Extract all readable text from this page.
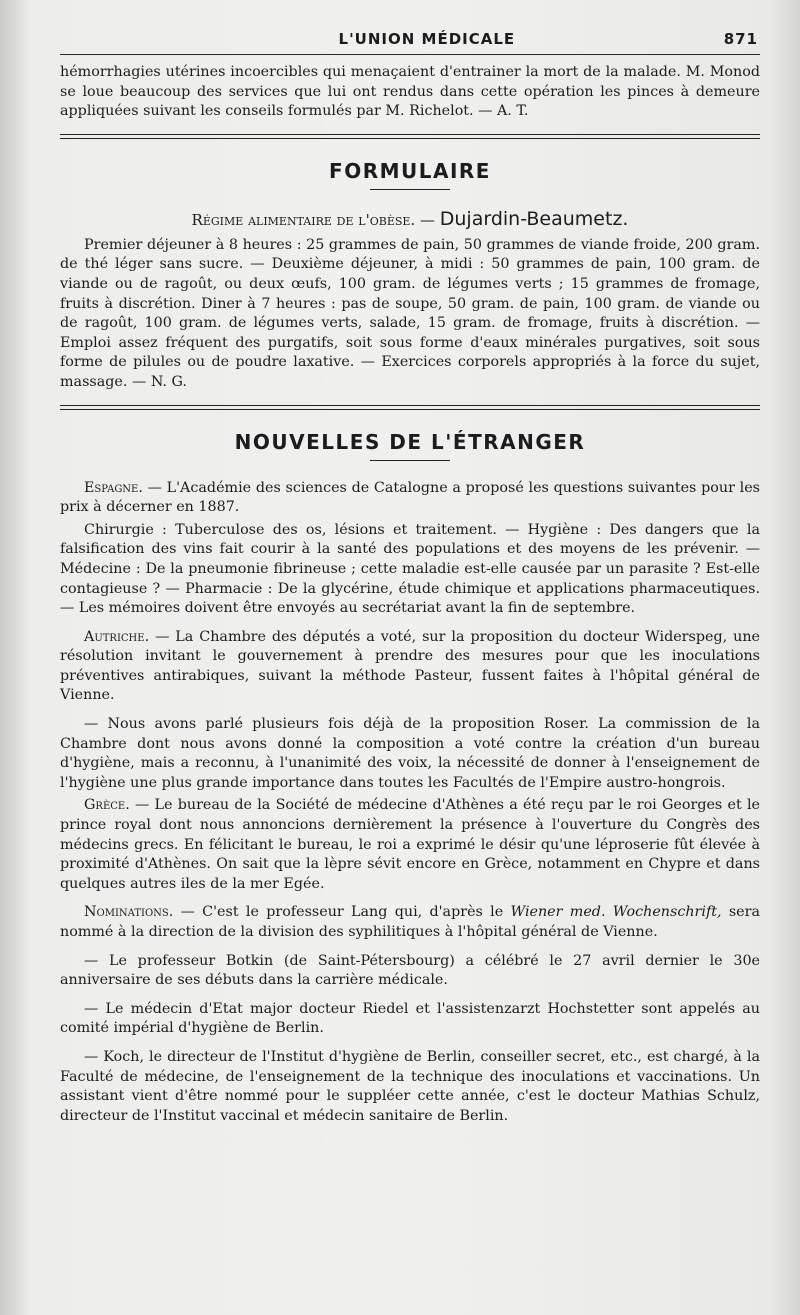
L'UNION MÉDICALE	871

hémorrhagies utérines incoercibles qui menaçaient d'entrainer la mort de la malade. M. Monod se loue beaucoup des services que lui ont rendus dans cette opération les pinces à demeure appliquées suivant les conseils formulés par M. Richelot. — A. T.

FORMULAIRE
Régime alimentaire de l'obèse. — Dujardin-Beaumetz.

Premier déjeuner à 8 heures : 25 grammes de pain, 50 grammes de viande froide, 200 gram. de thé léger sans sucre. — Deuxième déjeuner, à midi : 50 grammes de pain, 100 gram. de viande ou de ragoût, ou deux œufs, 100 gram. de légumes verts ; 15 grammes de fromage, fruits à discrétion. Diner à 7 heures : pas de soupe, 50 gram. de pain, 100 gram. de viande ou de ragoût, 100 gram. de légumes verts, salade, 15 gram. de fromage, fruits à discrétion. — Emploi assez fréquent des purgatifs, soit sous forme d'eaux minérales purgatives, soit sous forme de pilules ou de poudre laxative. — Exercices corporels appropriés à la force du sujet, massage. — N. G.

NOUVELLES DE L'ÉTRANGER

Espagne. — L'Académie des sciences de Catalogne a proposé les questions suivantes pour les prix à décerner en 1887.

Chirurgie : Tuberculose des os, lésions et traitement. — Hygiène : Des dangers que la falsification des vins fait courir à la santé des populations et des moyens de les prévenir. — Médecine : De la pneumonie fibrineuse ; cette maladie est-elle causée par un parasite ? Est-elle contagieuse ? — Pharmacie : De la glycérine, étude chimique et applications pharmaceutiques. — Les mémoires doivent être envoyés au secrétariat avant la fin de septembre.

Autriche. — La Chambre des députés a voté, sur la proposition du docteur Widerspeg, une résolution invitant le gouvernement à prendre des mesures pour que les inoculations préventives antirabiques, suivant la méthode Pasteur, fussent faites à l'hôpital général de Vienne.

— Nous avons parlé plusieurs fois déjà de la proposition Roser. La commission de la Chambre dont nous avons donné la composition a voté contre la création d'un bureau d'hygiène, mais a reconnu, à l'unanimité des voix, la nécessité de donner à l'enseignement de l'hygiène une plus grande importance dans toutes les Facultés de l'Empire austro-hongrois.

Grèce. — Le bureau de la Société de médecine d'Athènes a été reçu par le roi Georges et le prince royal dont nous annoncions dernièrement la présence à l'ouverture du Congrès des médecins grecs. En félicitant le bureau, le roi a exprimé le désir qu'une léproserie fût élevée à proximité d'Athènes. On sait que la lèpre sévit encore en Grèce, notamment en Chypre et dans quelques autres iles de la mer Egée.

Nominations. — C'est le professeur Lang qui, d'après le Wiener med. Wochenschrift, sera nommé à la direction de la division des syphilitiques à l'hôpital général de Vienne.

— Le professeur Botkin (de Saint-Pétersbourg) a célébré le 27 avril dernier le 30e anniversaire de ses débuts dans la carrière médicale.

— Le médecin d'Etat major docteur Riedel et l'assistenzarzt Hochstetter sont appelés au comité impérial d'hygiène de Berlin.

— Koch, le directeur de l'Institut d'hygiène de Berlin, conseiller secret, etc., est chargé, à la Faculté de médecine, de l'enseignement de la technique des inoculations et vaccinations. Un assistant vient d'être nommé pour le suppléer cette année, c'est le docteur Mathias Schulz, directeur de l'Institut vaccinal et médecin sanitaire de Berlin.
